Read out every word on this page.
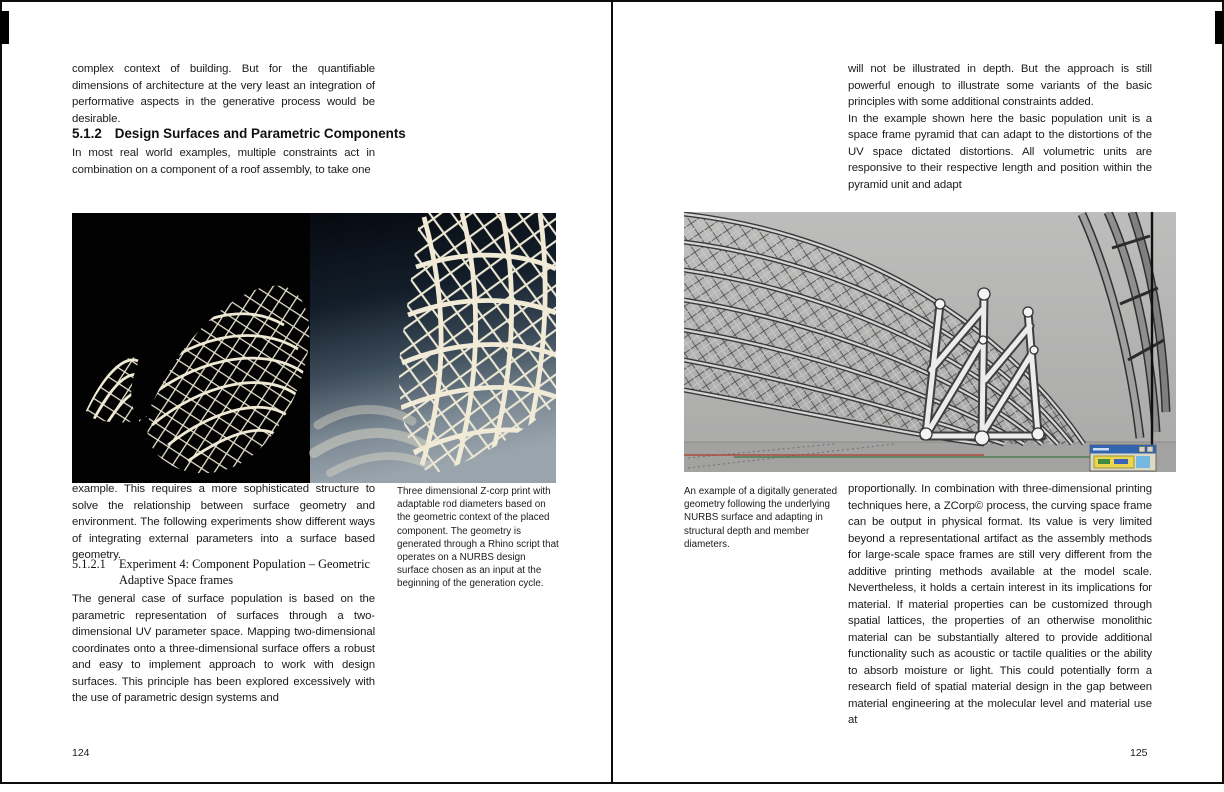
complex context of building. But for the quantifiable dimensions of architecture at the very least an integration of performative aspects in the generative process would be desirable.

5.1.2 Design Surfaces and Parametric Components

In most real world examples, multiple constraints act in combination on a component of a roof assembly, to take one

example. This requires a more sophisticated structure to solve the relationship between surface geometry and environment. The following experiments show different ways of integrating external parameters into a surface based geometry.

5.1.2.1	Experiment 4: Component Population – Geometric
Adaptive Space frames

The general case of surface population is based on the parametric representation of surfaces through a two-dimensional UV parameter space. Mapping two-dimensional coordinates onto a three-dimensional surface offers a robust and easy to implement approach to work with design surfaces. This principle has been explored excessively with the use of parametric design systems and

Three dimensional Z-corp print with adaptable rod diameters based on the geometric context of the placed component. The geometry is generated through a Rhino script that operates on a NURBS design surface chosen as an input at the beginning of the generation cycle.
124

will not be illustrated in depth. But the approach is still powerful enough to illustrate some variants of the basic principles with some additional constraints added.

In the example shown here the basic population unit is a space frame pyramid that can adapt to the distortions of the UV space dictated distortions. All volumetric units are responsive to their respective length and position within the pyramid unit and adapt

An example of a digitally generated geometry following the underlying NURBS surface and adapting in structural depth and member diameters.

proportionally. In combination with three-dimensional printing techniques here, a ZCorp© process, the curving space frame can be output in physical format. Its value is very limited beyond a representational artifact as the assembly methods for large-scale space frames are still very different from the additive printing methods available at the model scale. Nevertheless, it holds a certain interest in its implications for material. If material properties can be customized through spatial lattices, the properties of an otherwise monolithic material can be substantially altered to provide additional functionality such as acoustic or tactile qualities or the ability to absorb moisture or light. This could potentially form a research field of spatial material design in the gap between material engineering at the molecular level and material use at

125
